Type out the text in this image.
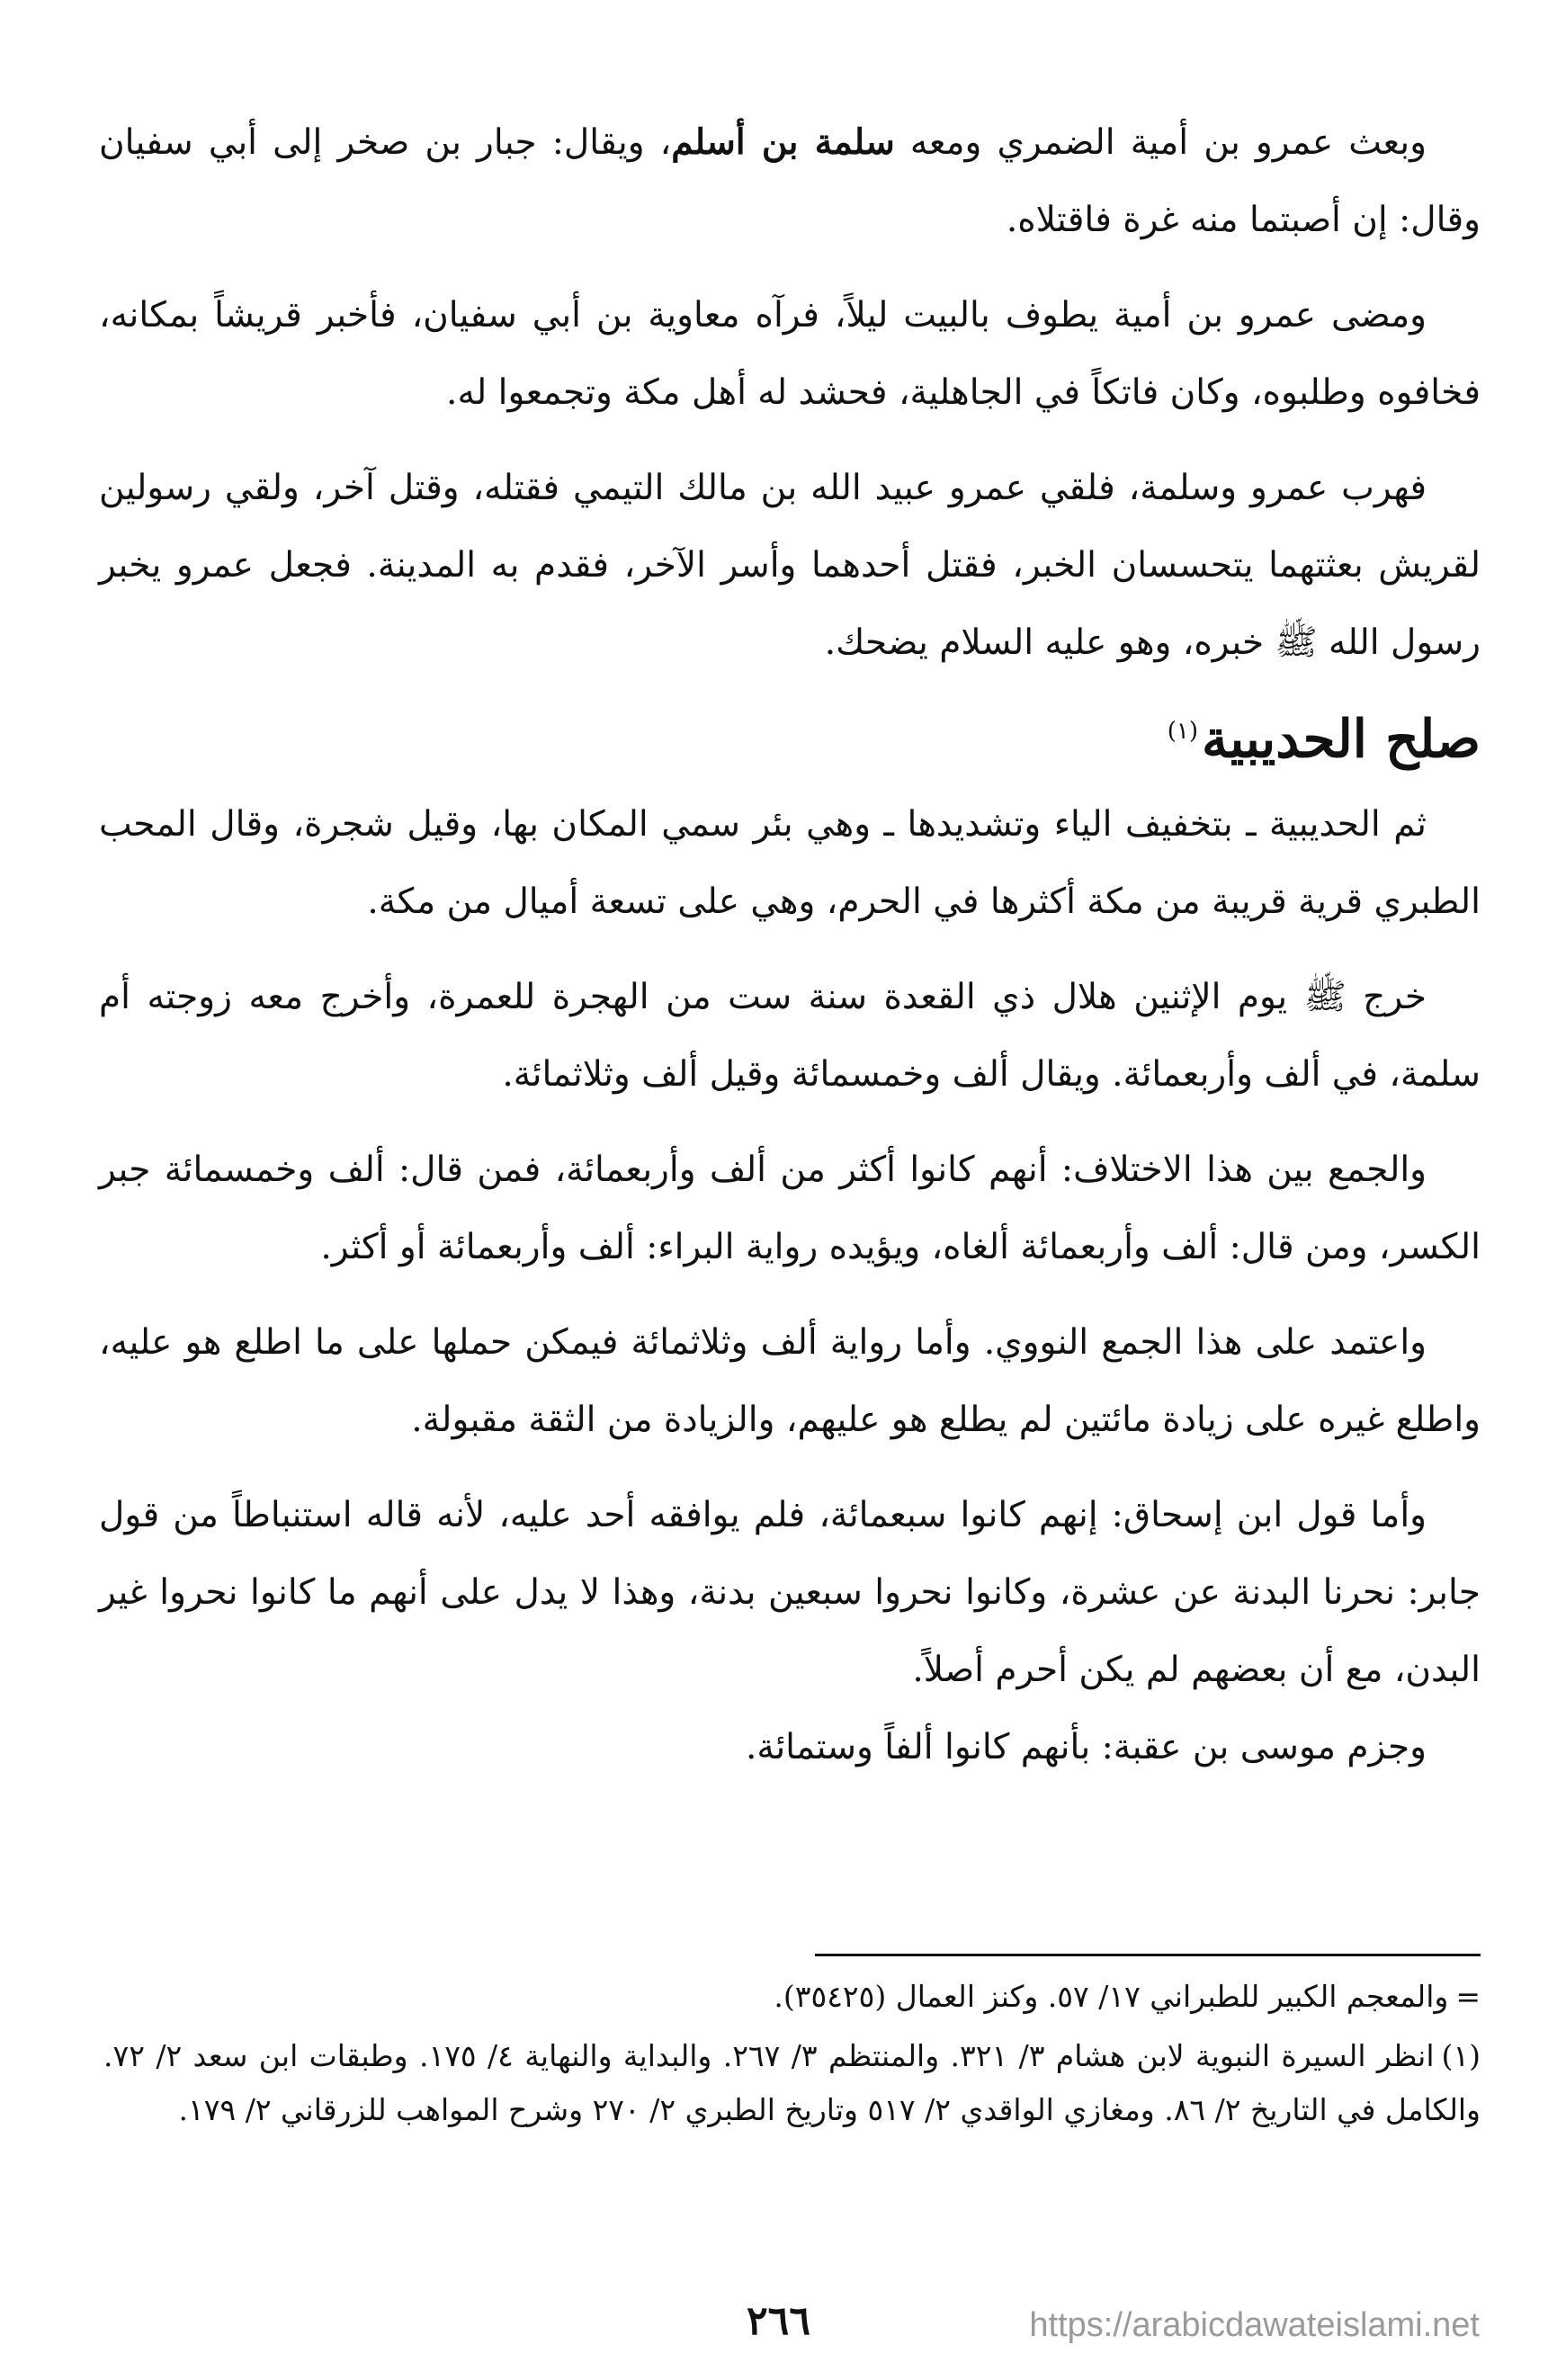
وبعث عمرو بن أمية الضمري ومعه سلمة بن أسلم، ويقال: جبار بن صخر إلى أبي سفيان وقال: إن أصبتما منه غرة فاقتلاه.

ومضى عمرو بن أمية يطوف بالبيت ليلاً، فرآه معاوية بن أبي سفيان، فأخبر قريشاً بمكانه، فخافوه وطلبوه، وكان فاتكاً في الجاهلية، فحشد له أهل مكة وتجمعوا له.

فهرب عمرو وسلمة، فلقي عمرو عبيد الله بن مالك التيمي فقتله، وقتل آخر، ولقي رسولين لقريش بعثتهما يتحسسان الخبر، فقتل أحدهما وأسر الآخر، فقدم به المدينة. فجعل عمرو يخبر رسول الله ﷺ خبره، وهو عليه السلام يضحك.

صلح الحديبية$^{(١)}$

ثم الحديبية ـ بتخفيف الياء وتشديدها ـ وهي بئر سمي المكان بها، وقيل شجرة، وقال المحب الطبري قرية قريبة من مكة أكثرها في الحرم، وهي على تسعة أميال من مكة.

خرج ﷺ يوم الإثنين هلال ذي القعدة سنة ست من الهجرة للعمرة، وأخرج معه زوجته أم سلمة، في ألف وأربعمائة. ويقال ألف وخمسمائة وقيل ألف وثلاثمائة.

والجمع بين هذا الاختلاف: أنهم كانوا أكثر من ألف وأربعمائة، فمن قال: ألف وخمسمائة جبر الكسر، ومن قال: ألف وأربعمائة ألغاه، ويؤيده رواية البراء: ألف وأربعمائة أو أكثر.

واعتمد على هذا الجمع النووي. وأما رواية ألف وثلاثمائة فيمكن حملها على ما اطلع هو عليه، واطلع غيره على زيادة مائتين لم يطلع هو عليهم، والزيادة من الثقة مقبولة.

وأما قول ابن إسحاق: إنهم كانوا سبعمائة، فلم يوافقه أحد عليه، لأنه قاله استنباطاً من قول جابر: نحرنا البدنة عن عشرة، وكانوا نحروا سبعين بدنة، وهذا لا يدل على أنهم ما كانوا نحروا غير البدن، مع أن بعضهم لم يكن أحرم أصلاً.

وجزم موسى بن عقبة: بأنهم كانوا ألفاً وستمائة.

=والمعجم الكبير للطبراني ١٧/ ٥٧. وكنز العمال (٣٥٤٢٥).

(١)انظر السيرة النبوية لابن هشام ٣/ ٣٢١. والمنتظم ٣/ ٢٦٧. والبداية والنهاية ٤/ ١٧٥. وطبقات ابن سعد ٢/ ٧٢. والكامل في التاريخ ٢/ ٨٦. ومغازي الواقدي ٢/ ٥١٧ وتاريخ الطبري ٢/ ٢٧٠ وشرح المواهب للزرقاني ٢/ ١٧٩.

٢٦٦	https://arabicdawateislami.net
